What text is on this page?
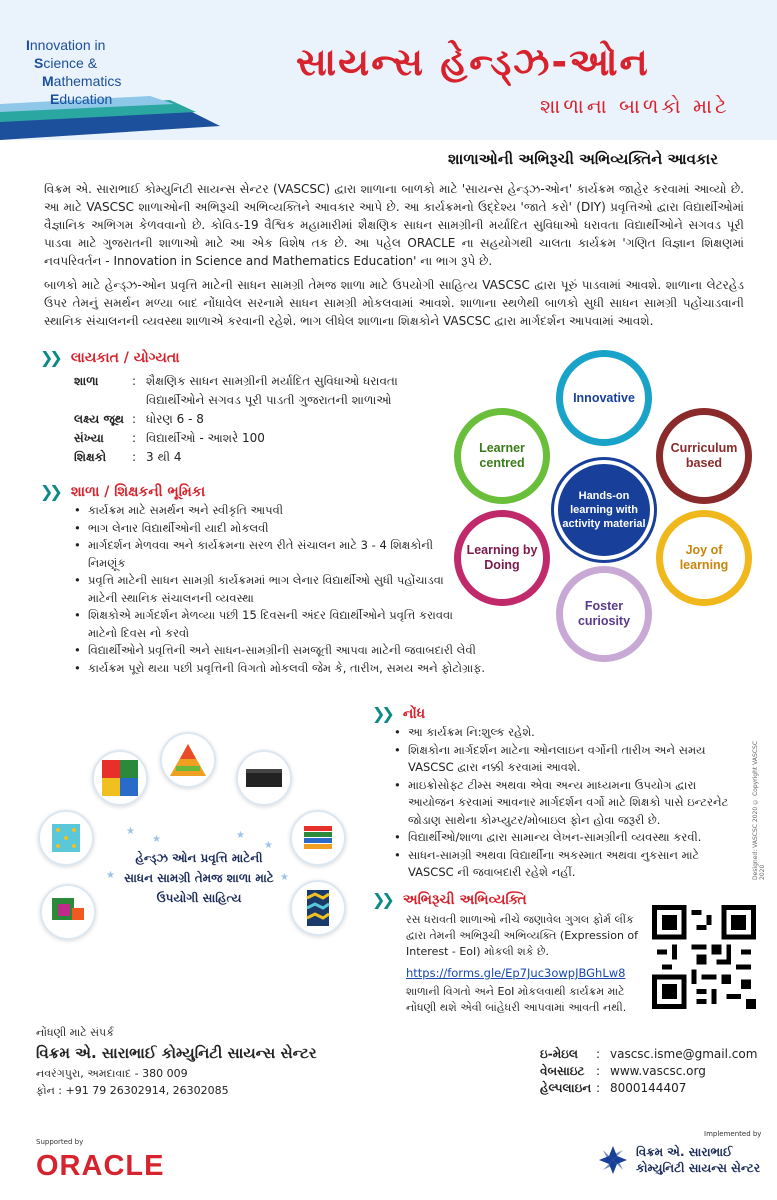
Innovation in
Science &
Mathematics
Education
સાયન્સ હેન્ડ્ઝ-ઓન
શાળાના બાળકો માટે
શાળાઓની અભિરૂચી અભિવ્યક્તિને આવકાર
વિક્રમ એ. સારાભાઈ કોમ્યુનિટી સાયન્સ સેન્ટર (VASCSC) દ્વારા શાળાના બાળકો માટે 'સાયન્સ હેન્ડ્ઝ-ઓન' કાર્યક્રમ જાહેર કરવામાં આવ્યો છે. આ માટે VASCSC શાળાઓની અભિરૂચી અભિવ્યક્તિને આવકાર આપે છે. આ કાર્યક્રમનો ઉદ્દેશ્ય 'જાતે કરો' (DIY) પ્રવૃત્તિઓ દ્વારા વિદ્યાર્થીઓમાં વૈજ્ઞાનિક અભિગમ કેળવવાનો છે. કોવિડ-19 વૈશ્વિક મહામારીમાં શૈક્ષણિક સાધન સામગ્રીની મર્યાદિત સુવિધાઓ ધરાવતા વિદ્યાર્થીઓને સગવડ પૂરી પાડવા માટે ગુજરાતની શાળાઓ માટે આ એક વિશેષ તક છે. આ પહેલ ORACLE ના સહયોગથી ચાલતા કાર્યક્રમ 'ગણિત વિજ્ઞાન શિક્ષણમાં નવપરિવર્તન - Innovation in Science and Mathematics Education' ના ભાગ રૂપે છે.
બાળકો માટે હેન્ડ્ઝ-ઓન પ્રવૃત્તિ માટેની સાધન સામગ્રી તેમજ શાળા માટે ઉપયોગી સાહિત્ય VASCSC દ્વારા પૂરું પાડવામાં આવશે. શાળાના લેટરહેડ ઉપર તેમનું સમર્થન મળ્યા બાદ નોંધાવેલ સરનામે સાધન સામગ્રી મોકલવામાં આવશે. શાળાના સ્થળેથી બાળકો સુધી સાધન સામગ્રી પહોંચાડવાની સ્થાનિક સંચાલનની વ્યવસ્થા શાળાએ કરવાની રહેશે. ભાગ લીધેલ શાળાના શિક્ષકોને VASCSC દ્વારા માર્ગદર્શન આપવામાં આવશે.
❯❯ લાયકાત / યોગ્યતા
શાળા	: શૈક્ષણિક સાધન સામગ્રીની મર્યાદિત સુવિધાઓ ધરાવતા વિદ્યાર્થીઓને સગવડ પૂરી પાડતી ગુજરાતની શાળાઓ
લક્ષ્ય જૂથ : ધોરણ 6 - 8
સંખ્યા	: વિદ્યાર્થીઓ - આશરે 100
શિક્ષકો	: 3 થી 4
❯❯ શાળા / શિક્ષકની ભૂમિકા
• કાર્યક્રમ માટે સમર્થન અને સ્વીકૃતિ આપવી
• ભાગ લેનાર વિદ્યાર્થીઓની યાદી મોકલવી
• માર્ગદર્શન મેળવવા અને કાર્યક્રમના સરળ રીતે સંચાલન માટે 3 - 4 શિક્ષકોની નિમણૂંક
• પ્રવૃત્તિ માટેની સાધન સામગ્રી કાર્યક્રમમાં ભાગ લેનાર વિદ્યાર્થીઓ સુધી પહોંચાડવા માટેની સ્થાનિક સંચાલનની વ્યવસ્થા
• શિક્ષકોએ માર્ગદર્શન મેળવ્યા પછી 15 દિવસની અંદર વિદ્યાર્થીઓને પ્રવૃત્તિ કરાવવા માટેનો દિવસ નો કરવો
• વિદ્યાર્થીઓને પ્રવૃત્તિની અને સાધન-સામગ્રીની સમજૂતી આપવા માટેની જવાબદારી લેવી
• કાર્યક્રમ પૂરો થયા પછી પ્રવૃત્તિની વિગતો મોકલવી જેમ કે, તારીખ, સમય અને ફોટોગ્રાફ.
Innovative
Curriculum based
Joy of learning
Foster curiosity
Learning by Doing
Learner centred
Hands-on learning with activity material
★
★	★
★
★	★
હેન્ડ્ઝ ઓન પ્રવૃત્તિ માટેની સાધન સામગ્રી તેમજ શાળા માટે ઉપયોગી સાહિત્ય
❯❯ નોંધ
• આ કાર્યક્રમ નિ:શુલ્ક રહેશે.
• શિક્ષકોના માર્ગદર્શન માટેના ઓનલાઇન વર્ગોની તારીખ અને સમય VASCSC દ્વારા નક્કી કરવામાં આવશે.
• માઇક્રોસોફ્ટ ટીમ્સ અથવા એવા અન્ય માધ્યમના ઉપયોગ દ્વારા આયોજન કરવામાં આવનાર માર્ગદર્શન વર્ગો માટે શિક્ષકો પાસે ઇન્ટરનેટ જોડાણ સાથેના કોમ્પ્યુટર/મોબાઇલ ફોન હોવા જરૂરી છે.
• વિદ્યાર્થીઓ/શાળા દ્વારા સામાન્ય લેખન-સામગ્રીની વ્યવસ્થા કરવી.
• સાધન-સામગ્રી અથવા વિદ્યાર્થીના અકસ્માત અથવા નુકસાન માટે VASCSC ની જવાબદારી રહેશે નહીં.
❯❯ અભિરૂચી અભિવ્યક્તિ
રસ ધરાવતી શાળાઓ નીચે જણાવેલ ગુગલ ફોર્મ લીંક દ્વારા તેમની અભિરૂચી અભિવ્યક્તિ (Expression of Interest - EoI) મોકલી શકે છે.
https://forms.gle/Ep7Juc3owpJBGhLw8
શાળાની વિગતો અને EoI મોકલવાથી કાર્યક્રમ માટે નોંધણી થશે એવી બાંહેધરી આપવામાં આવતી નથી.
Designed: VASCSC 2020 © Copyright VASCSC 2020
નોંધણી માટે સંપર્ક
વિક્રમ એ. સારાભાઈ કોમ્યુનિટી સાયન્સ સેન્ટર
નવરંગપુરા, અમદાવાદ - 380 009
ફોન : +91 79 26302914, 26302085
ઇ-મેઇલ	: vascsc.isme@gmail.com
વેબસાઇટ : www.vascsc.org
હેલ્પલાઇન : 8000144407
Supported by
ORACLE
Implemented by
વિક્રમ એ. સારાભાઈ
કોમ્યુનિટી સાયન્સ સેન્ટર
